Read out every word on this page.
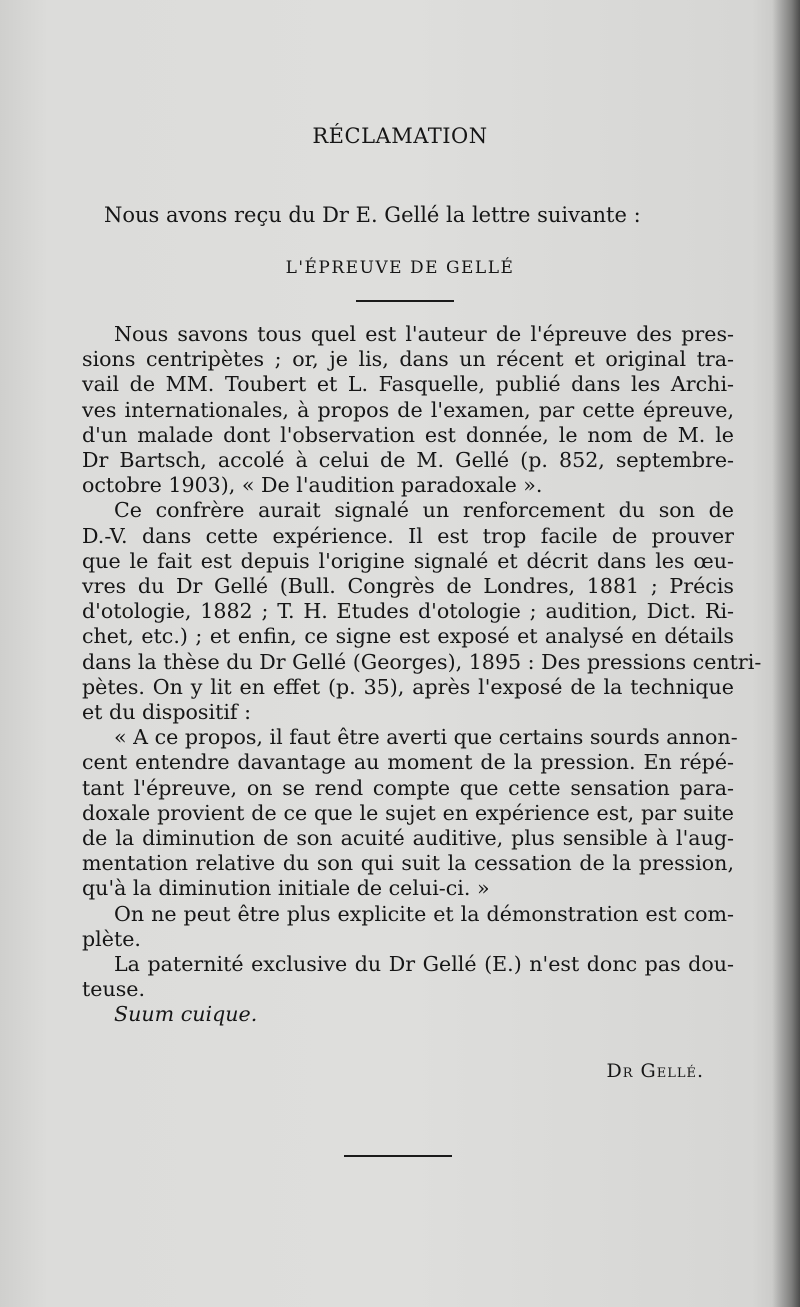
RÉCLAMATION
Nous avons reçu du Dr E. Gellé la lettre suivante :
L'ÉPREUVE DE GELLÉ

Nous savons tous quel est l'auteur de l'épreuve des pres-
sions centripètes ; or, je lis, dans un récent et original tra-
vail de MM. Toubert et L. Fasquelle, publié dans les Archi-
ves internationales, à propos de l'examen, par cette épreuve,
d'un malade dont l'observation est donnée, le nom de M. le
Dr Bartsch, accolé à celui de M. Gellé (p. 852, septembre-
octobre 1903), « De l'audition paradoxale ».

Ce confrère aurait signalé un renforcement du son de
D.-V. dans cette expérience. Il est trop facile de prouver
que le fait est depuis l'origine signalé et décrit dans les œu-
vres du Dr Gellé (Bull. Congrès de Londres, 1881 ; Précis
d'otologie, 1882 ; T. H. Etudes d'otologie ; audition, Dict. Ri-
chet, etc.) ; et enfin, ce signe est exposé et analysé en détails
dans la thèse du Dr Gellé (Georges), 1895 : Des pressions centri-
pètes. On y lit en effet (p. 35), après l'exposé de la technique
et du dispositif :

« A ce propos, il faut être averti que certains sourds annon-
cent entendre davantage au moment de la pression. En répé-
tant l'épreuve, on se rend compte que cette sensation para-
doxale provient de ce que le sujet en expérience est, par suite
de la diminution de son acuité auditive, plus sensible à l'aug-
mentation relative du son qui suit la cessation de la pression,
qu'à la diminution initiale de celui-ci. »

On ne peut être plus explicite et la démonstration est com-
plète.

La paternité exclusive du Dr Gellé (E.) n'est donc pas dou-
teuse.

Suum cuique.

Dr Gellé.
